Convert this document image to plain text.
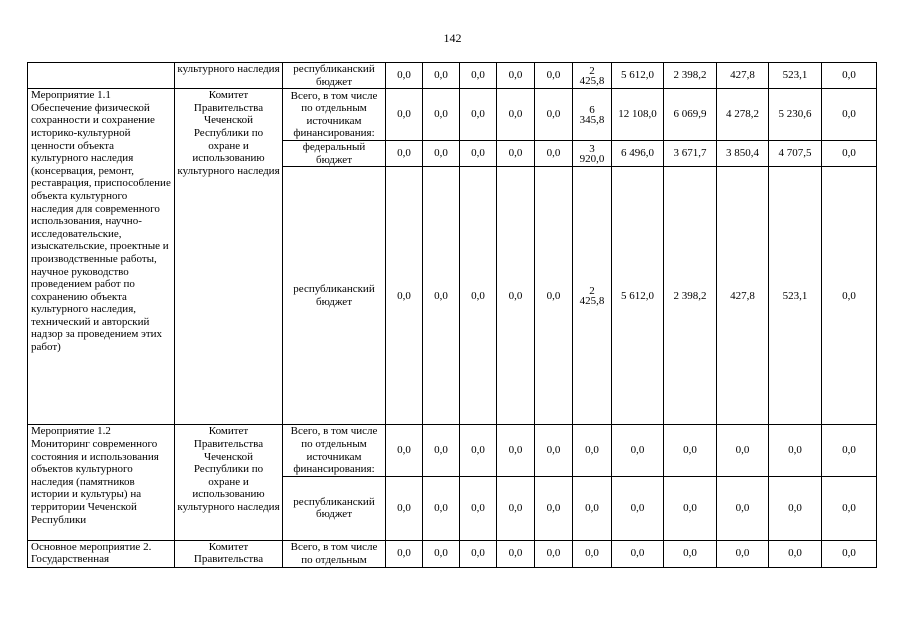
142
	культурного наследия	республиканский бюджет	0,0	0,0	0,0	0,0	0,0	2 425,8	5 612,0	2 398,2	427,8	523,1	0,0
Мероприятие 1.1 Обеспечение физической сохранности и сохранение историко-культурной ценности объекта культурного наследия (консервация, ремонт, реставрация, приспособление объекта культурного наследия для современного использования, научно-исследовательские, изыскательские, проектные и производственные работы, научное руководство проведением работ по сохранению объекта культурного наследия, технический и авторский надзор за проведением этих работ)	Комитет Правительства Чеченской Республики по охране и использованию культурного наследия	Всего, в том числе по отдельным источникам финансирования:	0,0	0,0	0,0	0,0	0,0	6 345,8	12 108,0	6 069,9	4 278,2	5 230,6	0,0
		федеральный бюджет	0,0	0,0	0,0	0,0	0,0	3 920,0	6 496,0	3 671,7	3 850,4	4 707,5	0,0
		республиканский бюджет	0,0	0,0	0,0	0,0	0,0	2 425,8	5 612,0	2 398,2	427,8	523,1	0,0
Мероприятие 1.2 Мониторинг современного состояния и использования объектов культурного наследия (памятников истории и культуры) на территории Чеченской Республики	Комитет Правительства Чеченской Республики по охране и использованию культурного наследия	Всего, в том числе по отдельным источникам финансирования:	0,0	0,0	0,0	0,0	0,0	0,0	0,0	0,0	0,0	0,0	0,0
		республиканский бюджет	0,0	0,0	0,0	0,0	0,0	0,0	0,0	0,0	0,0	0,0	0,0
Основное мероприятие 2. Государственная	Комитет Правительства	Всего, в том числе по отдельным	0,0	0,0	0,0	0,0	0,0	0,0	0,0	0,0	0,0	0,0	0,0
